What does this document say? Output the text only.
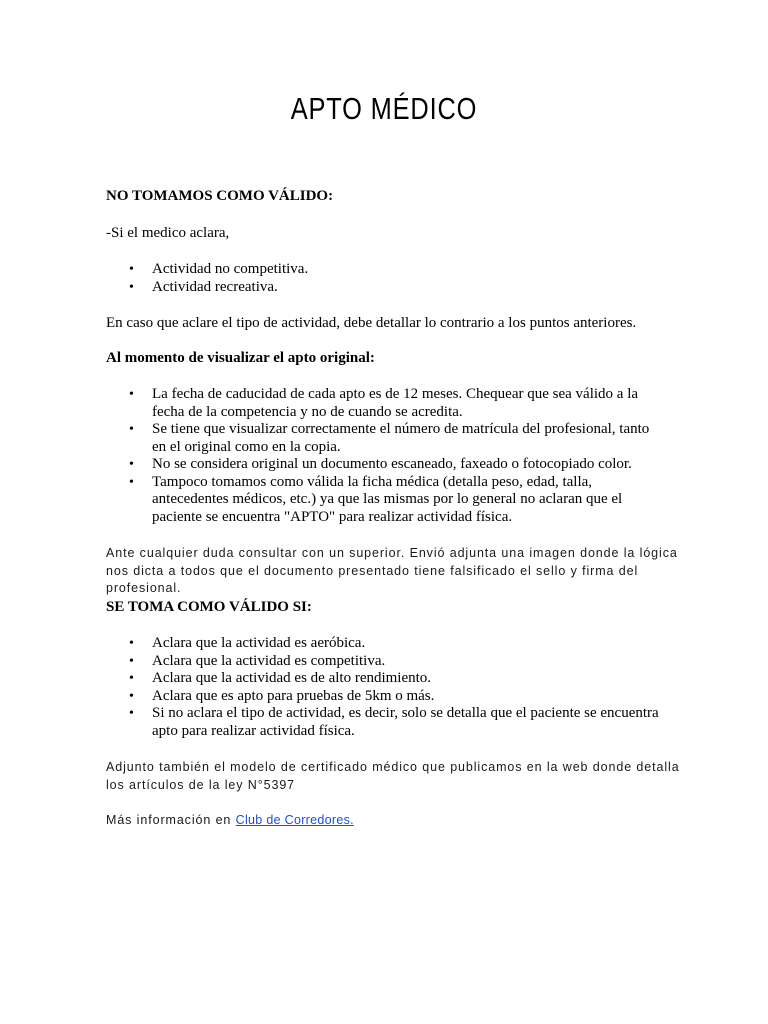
APTO MÉDICO
NO TOMAMOS COMO VÁLIDO:
-Si el medico aclara,
• Actividad no competitiva.
• Actividad recreativa.
En caso que aclare el tipo de actividad, debe detallar lo contrario a los puntos anteriores.
Al momento de visualizar el apto original:
• La fecha de caducidad de cada apto es de 12 meses. Chequear que sea válido a la fecha de la competencia y no de cuando se acredita.
• Se tiene que visualizar correctamente el número de matrícula del profesional, tanto en el original como en la copia.
• No se considera original un documento escaneado, faxeado o fotocopiado color.
• Tampoco tomamos como válida la ficha médica (detalla peso, edad, talla, antecedentes médicos, etc.) ya que las mismas por lo general no aclaran que el paciente se encuentra "APTO" para realizar actividad física.
Ante cualquier duda consultar con un superior. Envió adjunta una imagen donde la lógica nos dicta a todos que el documento presentado tiene falsificado el sello y firma del profesional.
SE TOMA COMO VÁLIDO SI:
• Aclara que la actividad es aeróbica.
• Aclara que la actividad es competitiva.
• Aclara que la actividad es de alto rendimiento.
• Aclara que es apto para pruebas de 5km o más.
• Si no aclara el tipo de actividad, es decir, solo se detalla que el paciente se encuentra apto para realizar actividad física.
Adjunto también el modelo de certificado médico que publicamos en la web donde detalla los artículos de la ley N°5397
Más información en Club de Corredores.
